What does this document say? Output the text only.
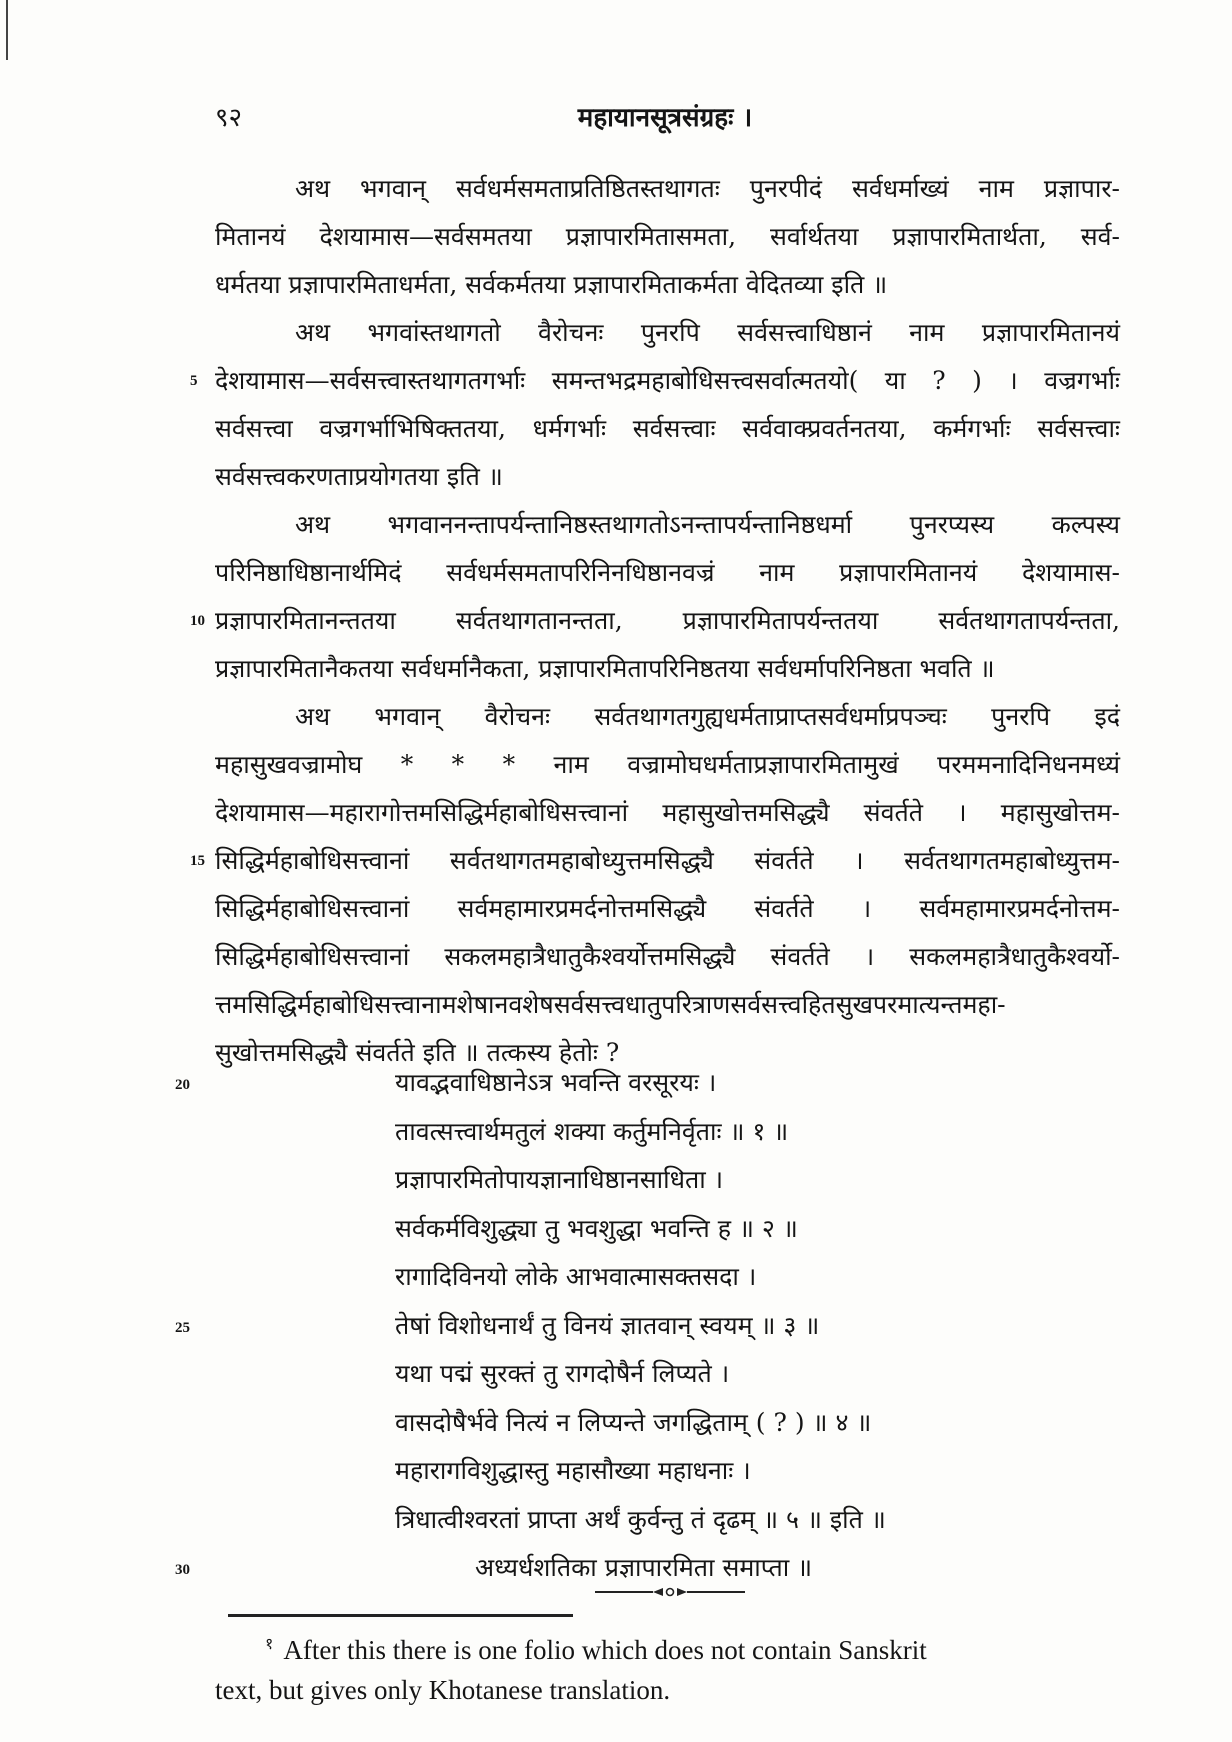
९२	महायानसूत्रसंग्रहः ।
अथ भगवान् सर्वधर्मसमताप्रतिष्ठितस्तथागतः पुनरपीदं सर्वधर्माख्यं नाम प्रज्ञापार-
मितानयं देशयामास—सर्वसमतया प्रज्ञापारमितासमता, सर्वार्थतया प्रज्ञापारमितार्थता, सर्व-
धर्मतया प्रज्ञापारमिताधर्मता, सर्वकर्मतया प्रज्ञापारमिताकर्मता वेदितव्या इति ॥
अथ भगवांस्तथागतो वैरोचनः पुनरपि सर्वसत्त्वाधिष्ठानं नाम प्रज्ञापारमितानयं
5 देशयामास—सर्वसत्त्वास्तथागतगर्भाः समन्तभद्रमहाबोधिसत्त्वसर्वात्मतयो( या ? ) । वज्रगर्भाः
सर्वसत्त्वा वज्रगर्भाभिषिक्ततया, धर्मगर्भाः सर्वसत्त्वाः सर्ववाक्प्रवर्तनतया, कर्मगर्भाः सर्वसत्त्वाः
सर्वसत्त्वकरणताप्रयोगतया इति ॥
अथ भगवाननन्तापर्यन्तानिष्ठस्तथागतोऽनन्तापर्यन्तानिष्ठधर्मा पुनरप्यस्य कल्पस्य
परिनिष्ठाधिष्ठानार्थमिदं सर्वधर्मसमतापरिनिनधिष्ठानवज्रं नाम प्रज्ञापारमितानयं देशयामास-
10 प्रज्ञापारमितानन्ततया सर्वतथागतानन्तता, प्रज्ञापारमितापर्यन्ततया सर्वतथागतापर्यन्तता,
प्रज्ञापारमितानैकतया सर्वधर्मानैकता, प्रज्ञापारमितापरिनिष्ठतया सर्वधर्मापरिनिष्ठता भवति ॥
अथ भगवान् वैरोचनः सर्वतथागतगुह्यधर्मताप्राप्तसर्वधर्माप्रपञ्चः पुनरपि इदं
महासुखवज्रामोघ * * * नाम वज्रामोघधर्मताप्रज्ञापारमितामुखं परममनादिनिधनमध्यं
देशयामास—महारागोत्तमसिद्धिर्महाबोधिसत्त्वानां महासुखोत्तमसिद्ध्यै संवर्तते । महासुखोत्तम-
15 सिद्धिर्महाबोधिसत्त्वानां सर्वतथागतमहाबोध्युत्तमसिद्ध्यै संवर्तते । सर्वतथागतमहाबोध्युत्तम-
सिद्धिर्महाबोधिसत्त्वानां सर्वमहामारप्रमर्दनोत्तमसिद्ध्यै संवर्तते । सर्वमहामारप्रमर्दनोत्तम-
सिद्धिर्महाबोधिसत्त्वानां सकलमहात्रैधातुकैश्वर्योत्तमसिद्ध्यै संवर्तते । सकलमहात्रैधातुकैश्वर्यो-
त्तमसिद्धिर्महाबोधिसत्त्वानामशेषानवशेषसर्वसत्त्वधातुपरित्राणसर्वसत्त्वहितसुखपरमात्यन्तमहा-
सुखोत्तमसिद्ध्यै संवर्तते इति ॥ तत्कस्य हेतोः ?
यावद्भवाधिष्ठानेऽत्र भवन्ति वरसूरयः ।
तावत्सत्त्वार्थमतुलं शक्या कर्तुमनिर्वृताः ॥ १ ॥
प्रज्ञापारमितोपायज्ञानाधिष्ठानसाधिता ।
सर्वकर्मविशुद्ध्या तु भवशुद्धा भवन्ति ह ॥ २ ॥
रागादिविनयो लोके आभवात्मासक्तसदा ।
तेषां विशोधनार्थं तु विनयं ज्ञातवान् स्वयम् ॥ ३ ॥
यथा पद्मं सुरक्तं तु रागदोषैर्न लिप्यते ।
वासदोषैर्भवे नित्यं न लिप्यन्ते जगद्धिताम् ( ? ) ॥ ४ ॥
महारागविशुद्धास्तु महासौख्या महाधनाः ।
त्रिधात्वीश्वरतां प्राप्ता अर्थं कुर्वन्तु तं दृढम् ॥ ५ ॥ इति ॥
अध्यर्धशतिका प्रज्ञापारमिता समाप्ता ॥
$^१$ After this there is one folio which does not contain Sanskrit
text, but gives only Khotanese translation.
20
25
30
